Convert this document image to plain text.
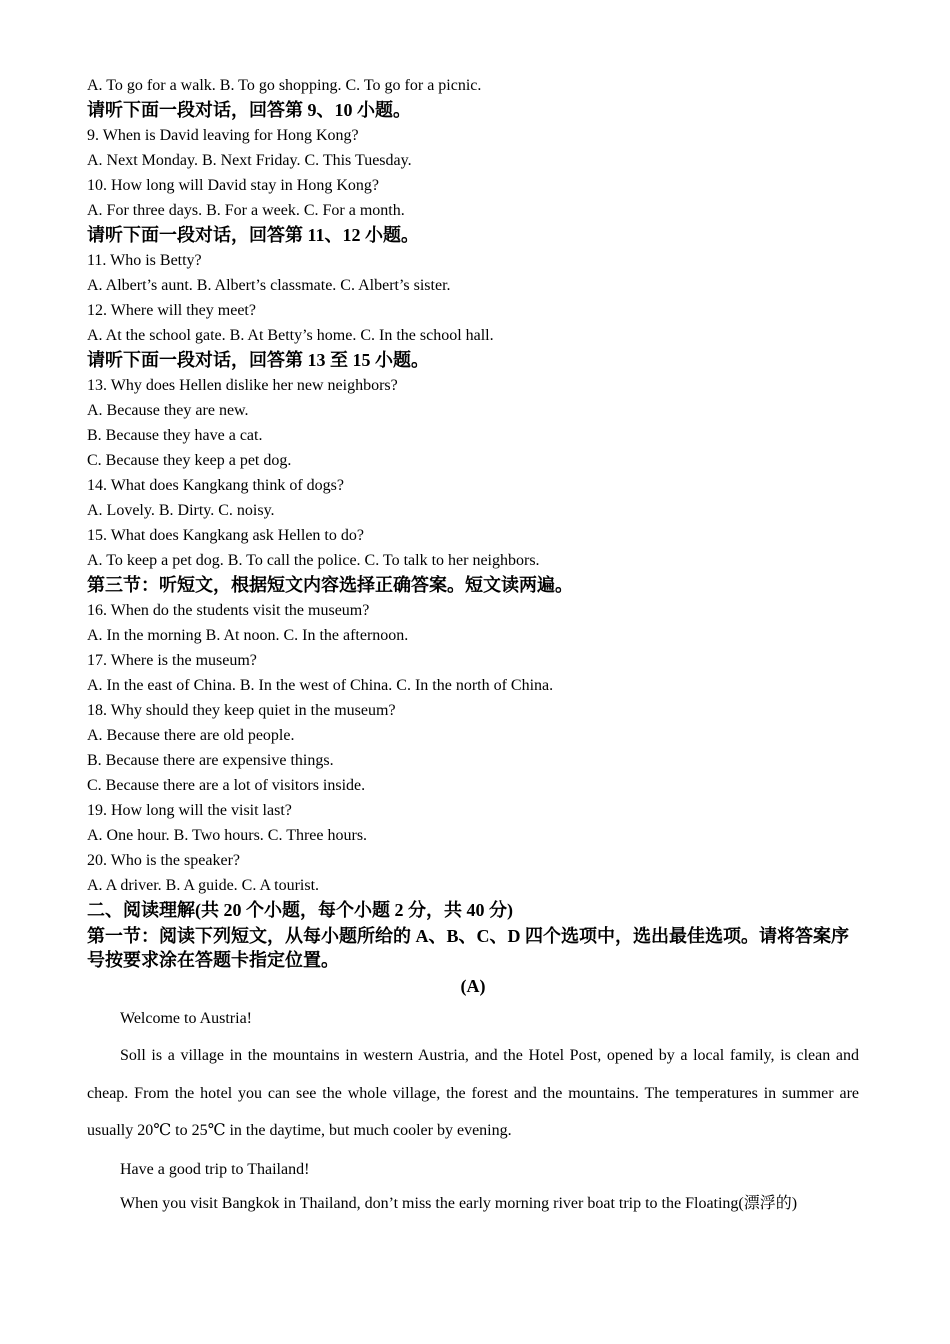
A. To go for a walk. B. To go shopping. C. To go for a picnic.
请听下面一段对话，回答第 9、10 小题。
9. When is David leaving for Hong Kong?
A. Next Monday. B. Next Friday. C. This Tuesday.
10. How long will David stay in Hong Kong?
A. For three days. B. For a week. C. For a month.
请听下面一段对话，回答第 11、12 小题。
11. Who is Betty?
A. Albert’s aunt. B. Albert’s classmate. C. Albert’s sister.
12. Where will they meet?
A. At the school gate. B. At Betty’s home. C. In the school hall.
请听下面一段对话，回答第 13 至 15 小题。
13. Why does Hellen dislike her new neighbors?
A. Because they are new.
B. Because they have a cat.
C. Because they keep a pet dog.
14. What does Kangkang think of dogs?
A. Lovely. B. Dirty. C. noisy.
15. What does Kangkang ask Hellen to do?
A. To keep a pet dog. B. To call the police. C. To talk to her neighbors.
第三节：听短文，根据短文内容选择正确答案。短文读两遍。
16. When do the students visit the museum?
A. In the morning B. At noon. C. In the afternoon.
17. Where is the museum?
A. In the east of China. B. In the west of China. C. In the north of China.
18. Why should they keep quiet in the museum?
A. Because there are old people.
B. Because there are expensive things.
C. Because there are a lot of visitors inside.
19. How long will the visit last?
A. One hour. B. Two hours. C. Three hours.
20. Who is the speaker?
A. A driver. B. A guide. C. A tourist.
二、阅读理解(共 20 个小题，每个小题 2 分，共 40 分)
第一节：阅读下列短文，从每小题所给的 A、B、C、D 四个选项中，选出最佳选项。请将答案序号按要求涂在答题卡指定位置。
(A)
Welcome to Austria!
Soll is a village in the mountains in western Austria, and the Hotel Post, opened by a local family, is clean and cheap. From the hotel you can see the whole village, the forest and the mountains. The temperatures in summer are usually 20℃ to 25℃ in the daytime, but much cooler by evening.
Have a good trip to Thailand!
When you visit Bangkok in Thailand, don’t miss the early morning river boat trip to the Floating(漂浮的)
